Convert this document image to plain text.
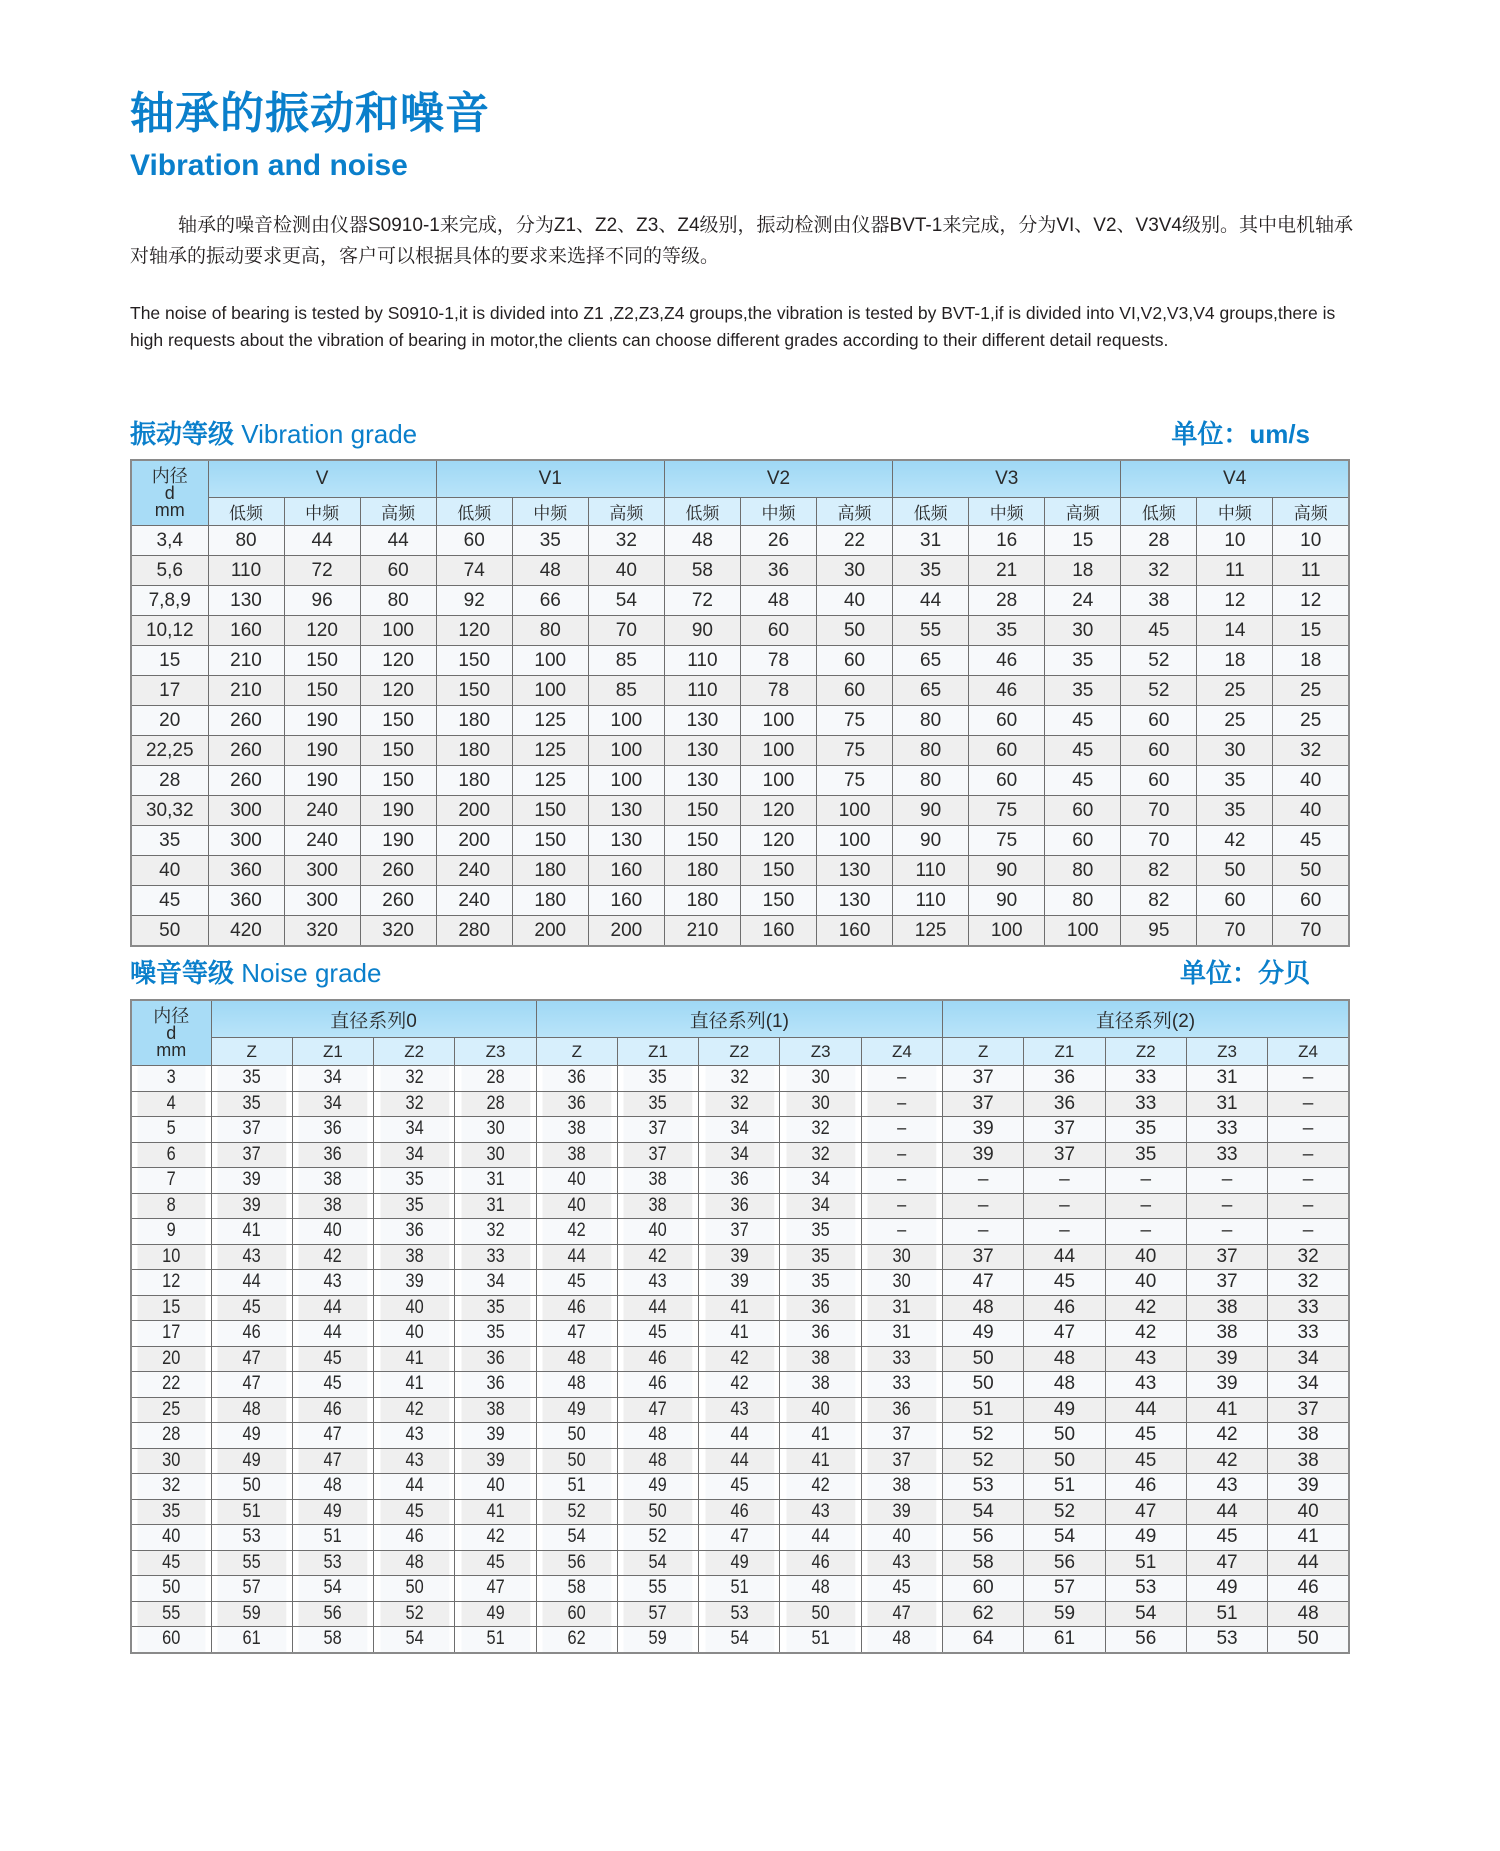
轴承的振动和噪音
Vibration and noise

轴承的噪音检测由仪器S0910-1来完成，分为Z1、Z2、Z3、Z4级别，振动检测由仪器BVT-1来完成，分为VI、V2、V3V4级别。其中电机轴承对轴承的振动要求更高，客户可以根据具体的要求来选择不同的等级。

The noise of bearing is tested by S0910-1,it is divided into Z1 ,Z2,Z3,Z4 groups,the vibration is tested by BVT-1,if is divided into VI,V2,V3,V4 groups,there is high requests about the vibration of bearing in motor,the clients can choose different grades according to their different detail requests.

振动等级 Vibration grade	单位：um/s
内径
d
mm	V			V1			V2			V3			V4		
	低频	中频	高频	低频	中频	高频	低频	中频	高频	低频	中频	高频	低频	中频	高频
3,4	80	44	44	60	35	32	48	26	22	31	16	15	28	10	10
5,6	110	72	60	74	48	40	58	36	30	35	21	18	32	11	11
7,8,9	130	96	80	92	66	54	72	48	40	44	28	24	38	12	12
10,12	160	120	100	120	80	70	90	60	50	55	35	30	45	14	15
15	210	150	120	150	100	85	110	78	60	65	46	35	52	18	18
17	210	150	120	150	100	85	110	78	60	65	46	35	52	25	25
20	260	190	150	180	125	100	130	100	75	80	60	45	60	25	25
22,25	260	190	150	180	125	100	130	100	75	80	60	45	60	30	32
28	260	190	150	180	125	100	130	100	75	80	60	45	60	35	40
30,32	300	240	190	200	150	130	150	120	100	90	75	60	70	35	40
35	300	240	190	200	150	130	150	120	100	90	75	60	70	42	45
40	360	300	260	240	180	160	180	150	130	110	90	80	82	50	50
45	360	300	260	240	180	160	180	150	130	110	90	80	82	60	60
50	420	320	320	280	200	200	210	160	160	125	100	100	95	70	70
噪音等级 Noise grade	单位：分贝
内径
d
mm	直径系列0				直径系列(1)					直径系列(2)				
	Z	Z1	Z2	Z3	Z	Z1	Z2	Z3	Z4	Z	Z1	Z2	Z3	Z4
3	35	34	32	28	36	35	32	30	–	37	36	33	31	–
4	35	34	32	28	36	35	32	30	–	37	36	33	31	–
5	37	36	34	30	38	37	34	32	–	39	37	35	33	–
6	37	36	34	30	38	37	34	32	–	39	37	35	33	–
7	39	38	35	31	40	38	36	34	–	–	–	–	–	–
8	39	38	35	31	40	38	36	34	–	–	–	–	–	–
9	41	40	36	32	42	40	37	35	–	–	–	–	–	–
10	43	42	38	33	44	42	39	35	30	37	44	40	37	32
12	44	43	39	34	45	43	39	35	30	47	45	40	37	32
15	45	44	40	35	46	44	41	36	31	48	46	42	38	33
17	46	44	40	35	47	45	41	36	31	49	47	42	38	33
20	47	45	41	36	48	46	42	38	33	50	48	43	39	34
22	47	45	41	36	48	46	42	38	33	50	48	43	39	34
25	48	46	42	38	49	47	43	40	36	51	49	44	41	37
28	49	47	43	39	50	48	44	41	37	52	50	45	42	38
30	49	47	43	39	50	48	44	41	37	52	50	45	42	38
32	50	48	44	40	51	49	45	42	38	53	51	46	43	39
35	51	49	45	41	52	50	46	43	39	54	52	47	44	40
40	53	51	46	42	54	52	47	44	40	56	54	49	45	41
45	55	53	48	45	56	54	49	46	43	58	56	51	47	44
50	57	54	50	47	58	55	51	48	45	60	57	53	49	46
55	59	56	52	49	60	57	53	50	47	62	59	54	51	48
60	61	58	54	51	62	59	54	51	48	64	61	56	53	50
